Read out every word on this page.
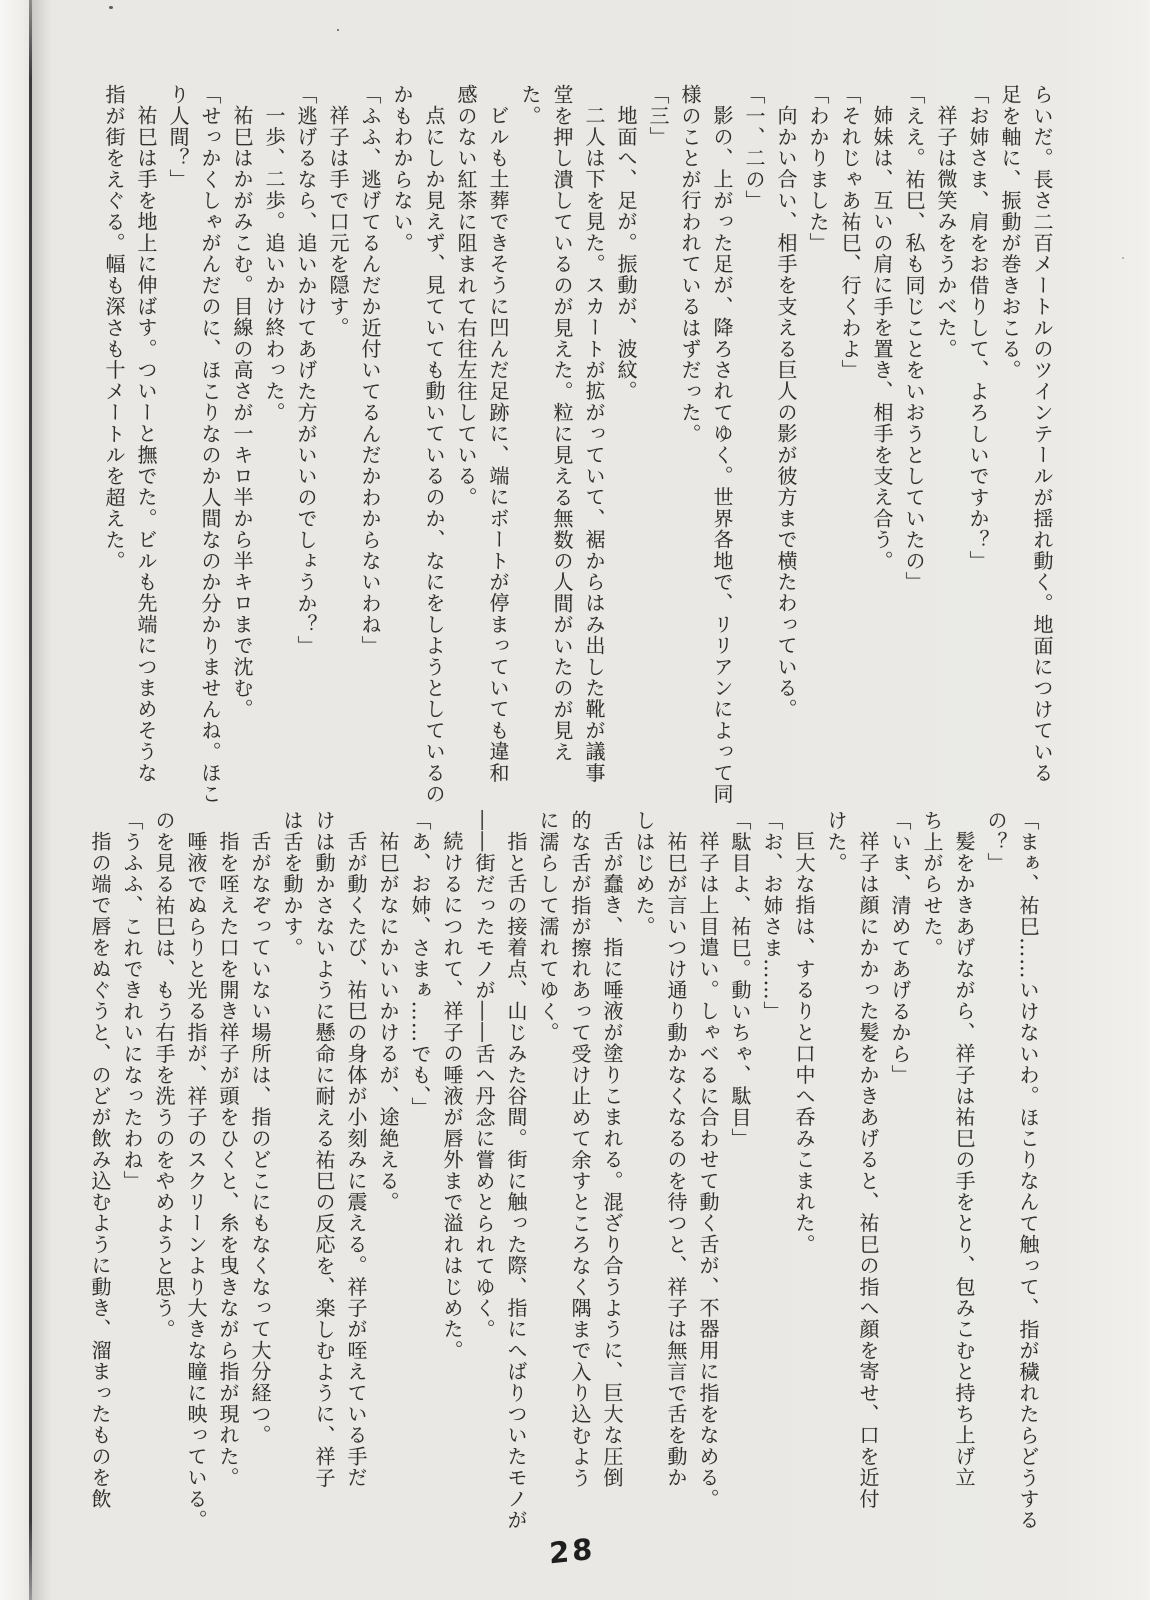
らいだ。長さ二百メートルのツインテールが揺れ動く。地面につけている

足を軸に、振動が巻きおこる。

「お姉さま、肩をお借りして、よろしいですか？」

祥子は微笑みをうかべた。

「ええ。祐巳、私も同じことをいおうとしていたの」

姉妹は、互いの肩に手を置き、相手を支え合う。

「それじゃあ祐巳、行くわよ」

「わかりました」

向かい合い、相手を支える巨人の影が彼方まで横たわっている。

「一、二の」

影の、上がった足が、降ろされてゆく。世界各地で、リリアンによって同

様のことが行われているはずだった。

「三」

地面へ、足が。振動が、波紋。

二人は下を見た。スカートが拡がっていて、裾からはみ出した靴が議事

堂を押し潰しているのが見えた。粒に見える無数の人間がいたのが見え

た。

ビルも土葬できそうに凹んだ足跡に、端にボートが停まっていても違和

感のない紅茶に阻まれて右往左往している。

点にしか見えず、見ていても動いているのか、なにをしようとしているの

かもわからない。

「ふふ、逃げてるんだか近付いてるんだかわからないわね」

祥子は手で口元を隠す。

「逃げるなら、追いかけてあげた方がいいのでしょうか？」

一歩、二歩。追いかけ終わった。

祐巳はかがみこむ。目線の高さが一キロ半から半キロまで沈む。

「せっかくしゃがんだのに、ほこりなのか人間なのか分かりませんね。ほこ

り人間？」

祐巳は手を地上に伸ばす。ついーと撫でた。ビルも先端につまめそうな

指が街をえぐる。幅も深さも十メートルを超えた。

「まぁ、祐巳……いけないわ。ほこりなんて触って、指が穢れたらどうする

の？」

髪をかきあげながら、祥子は祐巳の手をとり、包みこむと持ち上げ立

ち上がらせた。

「いま、清めてあげるから」

祥子は顔にかかった髪をかきあげると、祐巳の指へ顔を寄せ、口を近付

けた。

巨大な指は、するりと口中へ呑みこまれた。

「お、お姉さま……」

「駄目よ、祐巳。動いちゃ、駄目」

祥子は上目遣い。しゃべるに合わせて動く舌が、不器用に指をなめる。

祐巳が言いつけ通り動かなくなるのを待つと、祥子は無言で舌を動か

しはじめた。

舌が蠢き、指に唾液が塗りこまれる。混ざり合うように、巨大な圧倒

的な舌が指が擦れあって受け止めて余すところなく隅まで入り込むよう

に濡らして濡れてゆく。

指と舌の接着点、山じみた谷間。街に触った際、指にへばりついたモノが

――街だったモノが――舌へ丹念に嘗めとられてゆく。

続けるにつれて、祥子の唾液が唇外まで溢れはじめた。

「あ、お姉、さまぁ……でも、」

祐巳がなにかいいかけるが、途絶える。

舌が動くたび、祐巳の身体が小刻みに震える。祥子が咥えている手だ

けは動かさないように懸命に耐える祐巳の反応を、楽しむように、祥子

は舌を動かす。

舌がなぞっていない場所は、指のどこにもなくなって大分経つ。

指を咥えた口を開き祥子が頭をひくと、糸を曳きながら指が現れた。

唾液でぬらりと光る指が、祥子のスクリーンより大きな瞳に映っている。

のを見る祐巳は、もう右手を洗うのをやめようと思う。

「うふふ、これできれいになったわね」

指の端で唇をぬぐうと、のどが飲み込むように動き、溜まったものを飲

28
